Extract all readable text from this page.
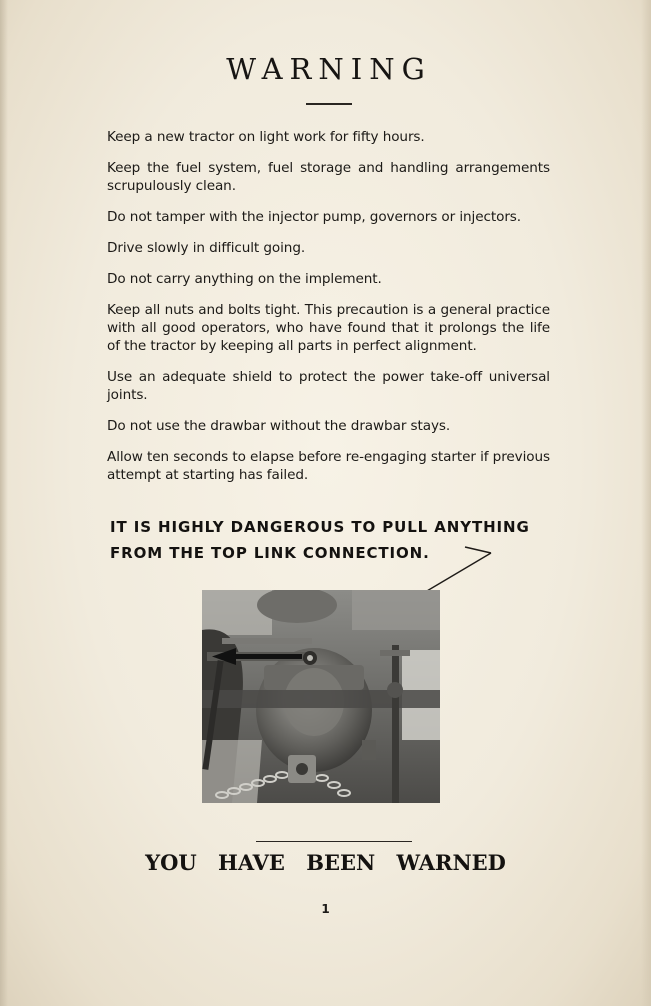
WARNING
Keep a new tractor on light work for fifty hours.
Keep the fuel system, fuel storage and handling arrangements scrupulously clean.
Do not tamper with the injector pump, governors or injectors.
Drive slowly in difficult going.
Do not carry anything on the implement.
Keep all nuts and bolts tight. This precaution is a general practice with all good operators, who have found that it prolongs the life of the tractor by keeping all parts in perfect alignment.
Use an adequate shield to protect the power take-off universal joints.
Do not use the drawbar without the drawbar stays.
Allow ten seconds to elapse before re-engaging starter if previous attempt at starting has failed.
IT IS HIGHLY DANGEROUS TO PULL ANYTHING
FROM THE TOP LINK CONNECTION.
YOU HAVE BEEN WARNED
1
